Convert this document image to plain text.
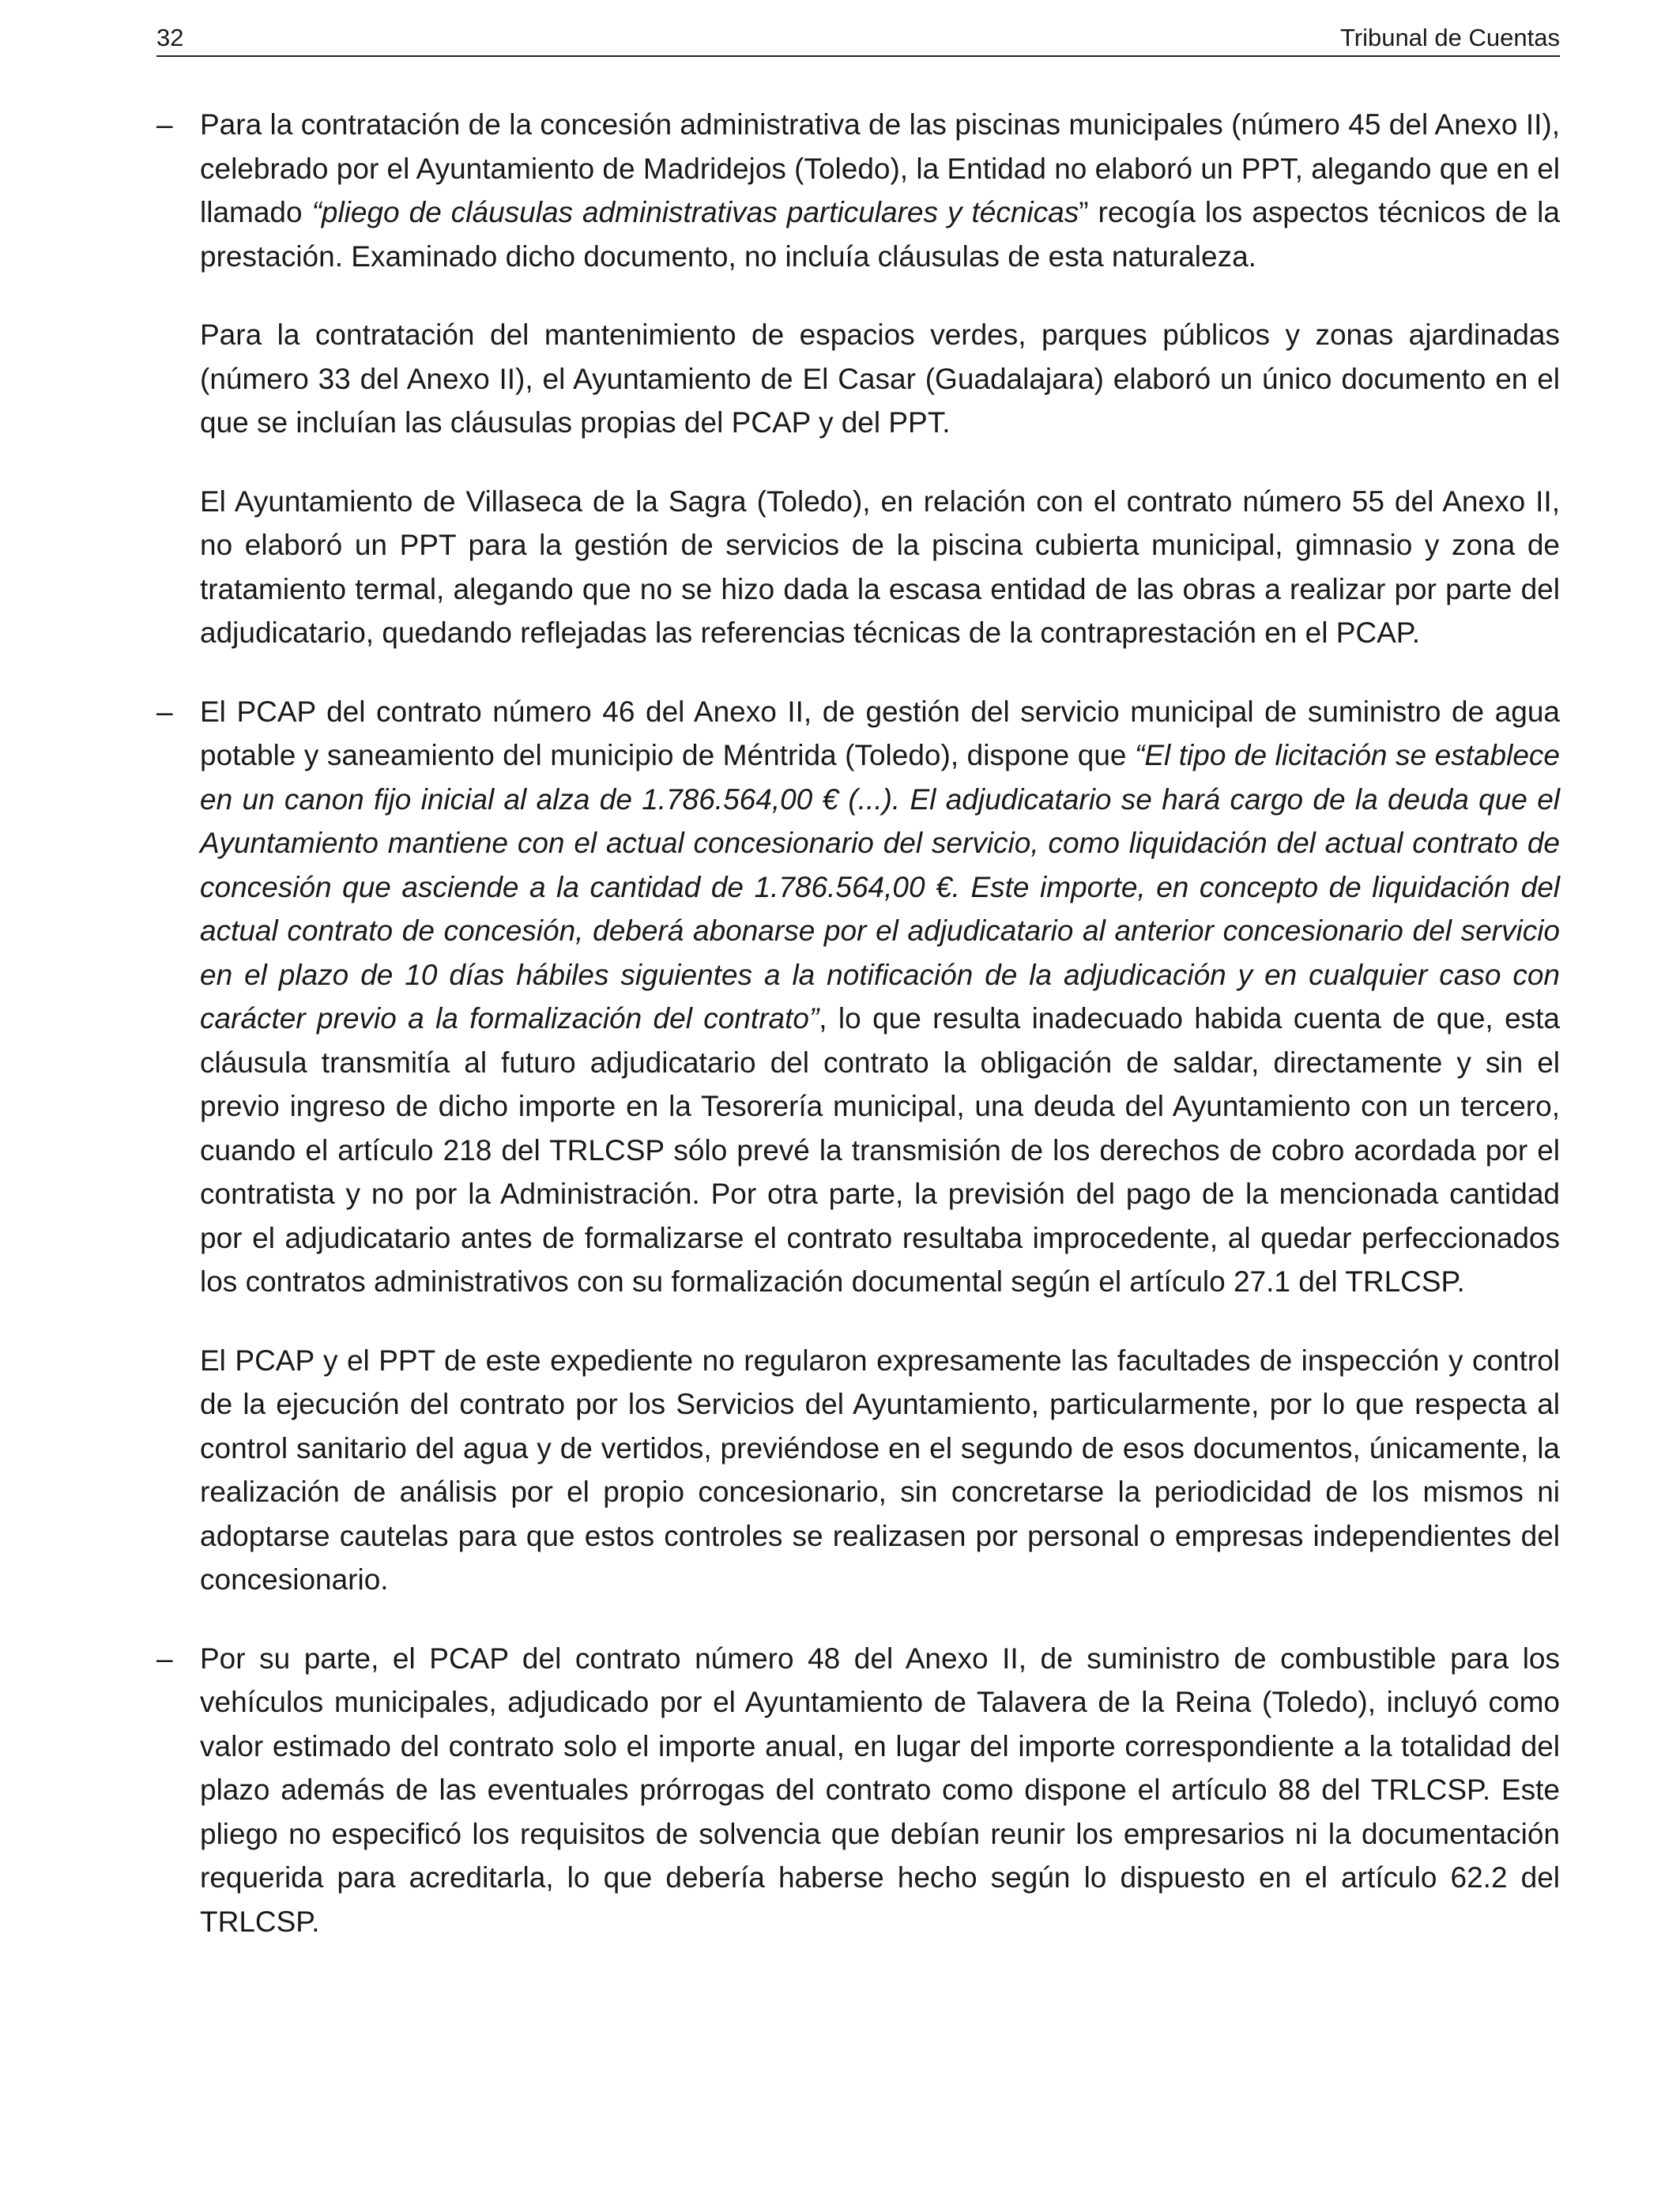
32	Tribunal de Cuentas
– Para la contratación de la concesión administrativa de las piscinas municipales (número 45 del Anexo II), celebrado por el Ayuntamiento de Madridejos (Toledo), la Entidad no elaboró un PPT, alegando que en el llamado “pliego de cláusulas administrativas particulares y técnicas” recogía los aspectos técnicos de la prestación. Examinado dicho documento, no incluía cláusulas de esta naturaleza.

Para la contratación del mantenimiento de espacios verdes, parques públicos y zonas ajardinadas (número 33 del Anexo II), el Ayuntamiento de El Casar (Guadalajara) elaboró un único documento en el que se incluían las cláusulas propias del PCAP y del PPT.

El Ayuntamiento de Villaseca de la Sagra (Toledo), en relación con el contrato número 55 del Anexo II, no elaboró un PPT para la gestión de servicios de la piscina cubierta municipal, gimnasio y zona de tratamiento termal, alegando que no se hizo dada la escasa entidad de las obras a realizar por parte del adjudicatario, quedando reflejadas las referencias técnicas de la contraprestación en el PCAP.

– El PCAP del contrato número 46 del Anexo II, de gestión del servicio municipal de suministro de agua potable y saneamiento del municipio de Méntrida (Toledo), dispone que “El tipo de licitación se establece en un canon fijo inicial al alza de 1.786.564,00 € (...). El adjudicatario se hará cargo de la deuda que el Ayuntamiento mantiene con el actual concesionario del servicio, como liquidación del actual contrato de concesión que asciende a la cantidad de 1.786.564,00 €. Este importe, en concepto de liquidación del actual contrato de concesión, deberá abonarse por el adjudicatario al anterior concesionario del servicio en el plazo de 10 días hábiles siguientes a la notificación de la adjudicación y en cualquier caso con carácter previo a la formalización del contrato”, lo que resulta inadecuado habida cuenta de que, esta cláusula transmitía al futuro adjudicatario del contrato la obligación de saldar, directamente y sin el previo ingreso de dicho importe en la Tesorería municipal, una deuda del Ayuntamiento con un tercero, cuando el artículo 218 del TRLCSP sólo prevé la transmisión de los derechos de cobro acordada por el contratista y no por la Administración. Por otra parte, la previsión del pago de la mencionada cantidad por el adjudicatario antes de formalizarse el contrato resultaba improcedente, al quedar perfeccionados los contratos administrativos con su formalización documental según el artículo 27.1 del TRLCSP.

El PCAP y el PPT de este expediente no regularon expresamente las facultades de inspección y control de la ejecución del contrato por los Servicios del Ayuntamiento, particularmente, por lo que respecta al control sanitario del agua y de vertidos, previéndose en el segundo de esos documentos, únicamente, la realización de análisis por el propio concesionario, sin concretarse la periodicidad de los mismos ni adoptarse cautelas para que estos controles se realizasen por personal o empresas independientes del concesionario.

– Por su parte, el PCAP del contrato número 48 del Anexo II, de suministro de combustible para los vehículos municipales, adjudicado por el Ayuntamiento de Talavera de la Reina (Toledo), incluyó como valor estimado del contrato solo el importe anual, en lugar del importe correspondiente a la totalidad del plazo además de las eventuales prórrogas del contrato como dispone el artículo 88 del TRLCSP. Este pliego no especificó los requisitos de solvencia que debían reunir los empresarios ni la documentación requerida para acreditarla, lo que debería haberse hecho según lo dispuesto en el artículo 62.2 del TRLCSP.
